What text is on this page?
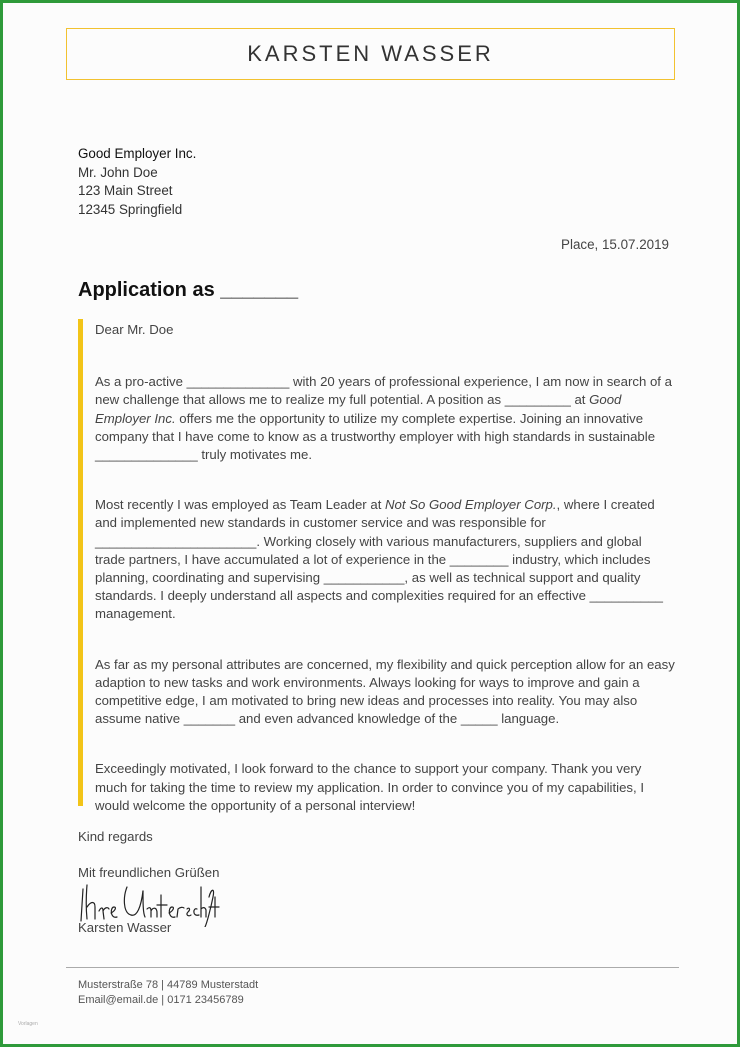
KARSTEN WASSER
Good Employer Inc.
Mr. John Doe
123 Main Street
12345 Springfield
Place, 15.07.2019
Application as _______

Dear Mr. Doe

As a pro-active ______________ with 20 years of professional experience, I am now in search of a new challenge that allows me to realize my full potential. A position as _________ at Good Employer Inc. offers me the opportunity to utilize my complete expertise. Joining an innovative company that I have come to know as a trustworthy employer with high standards in sustainable ______________ truly motivates me.

Most recently I was employed as Team Leader at Not So Good Employer Corp., where I created and implemented new standards in customer service and was responsible for ______________________. Working closely with various manufacturers, suppliers and global trade partners, I have accumulated a lot of experience in the ________ industry, which includes planning, coordinating and supervising ___________, as well as technical support and quality standards. I deeply understand all aspects and complexities required for an effective __________ management.

As far as my personal attributes are concerned, my flexibility and quick perception allow for an easy adaption to new tasks and work environments. Always looking for ways to improve and gain a competitive edge, I am motivated to bring new ideas and processes into reality. You may also assume native _______ and even advanced knowledge of the _____ language.

Exceedingly motivated, I look forward to the chance to support your company. Thank you very much for taking the time to review my application. In order to convince you of my capabilities, I would welcome the opportunity of a personal interview!

Kind regards
Mit freundlichen Grüßen
Karsten Wasser
Musterstraße 78 | 44789 Musterstadt
Email@email.de | 0171 23456789
Vorlagen
